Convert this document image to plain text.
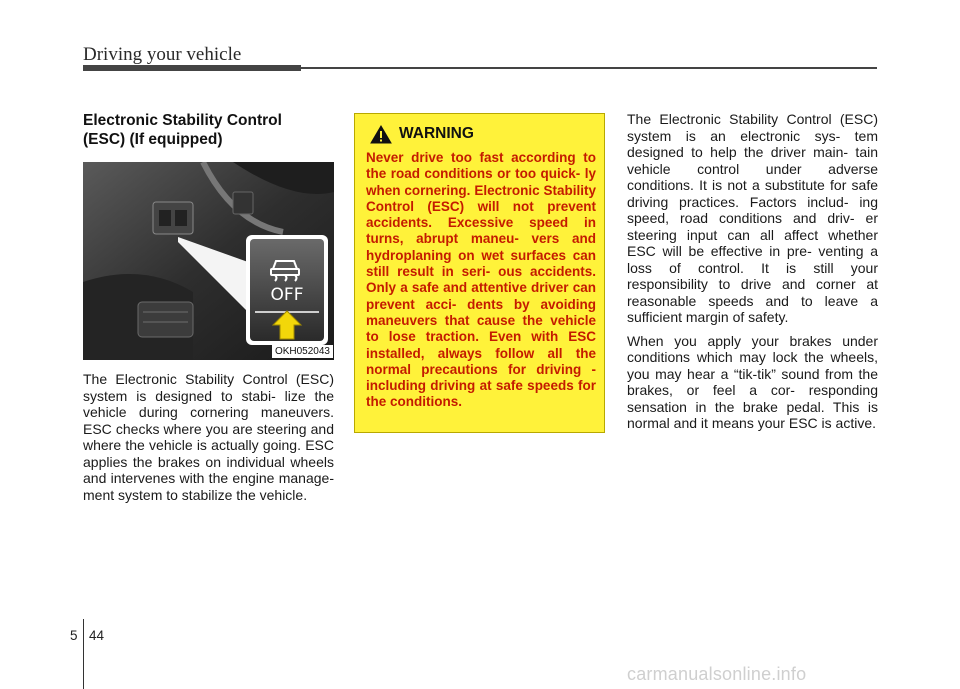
Driving your vehicle
Electronic Stability Control
(ESC) (If equipped)
OFF
OKH052043

The Electronic Stability Control (ESC) system is designed to stabi- lize the vehicle during cornering maneuvers. ESC checks where you are steering and where the vehicle is actually going. ESC applies the brakes on individual wheels and intervenes with the engine manage- ment system to stabilize the vehicle.

WARNING

Never drive too fast according to the road conditions or too quick- ly when cornering. Electronic Stability Control (ESC) will not prevent accidents. Excessive speed in turns, abrupt maneu- vers and hydroplaning on wet surfaces can still result in seri- ous accidents. Only a safe and attentive driver can prevent acci- dents by avoiding maneuvers that cause the vehicle to lose traction. Even with ESC installed, always follow all the normal precautions for driving - including driving at safe speeds for the conditions.

The Electronic Stability Control (ESC) system is an electronic sys- tem designed to help the driver main- tain vehicle control under adverse conditions. It is not a substitute for safe driving practices. Factors includ- ing speed, road conditions and driv- er steering input can all affect whether ESC will be effective in pre- venting a loss of control. It is still your responsibility to drive and corner at reasonable speeds and to leave a sufficient margin of safety.

When you apply your brakes under conditions which may lock the wheels, you may hear a “tik-tik” sound from the brakes, or feel a cor- responding sensation in the brake pedal. This is normal and it means your ESC is active.

5 44
carmanualsonline.info
